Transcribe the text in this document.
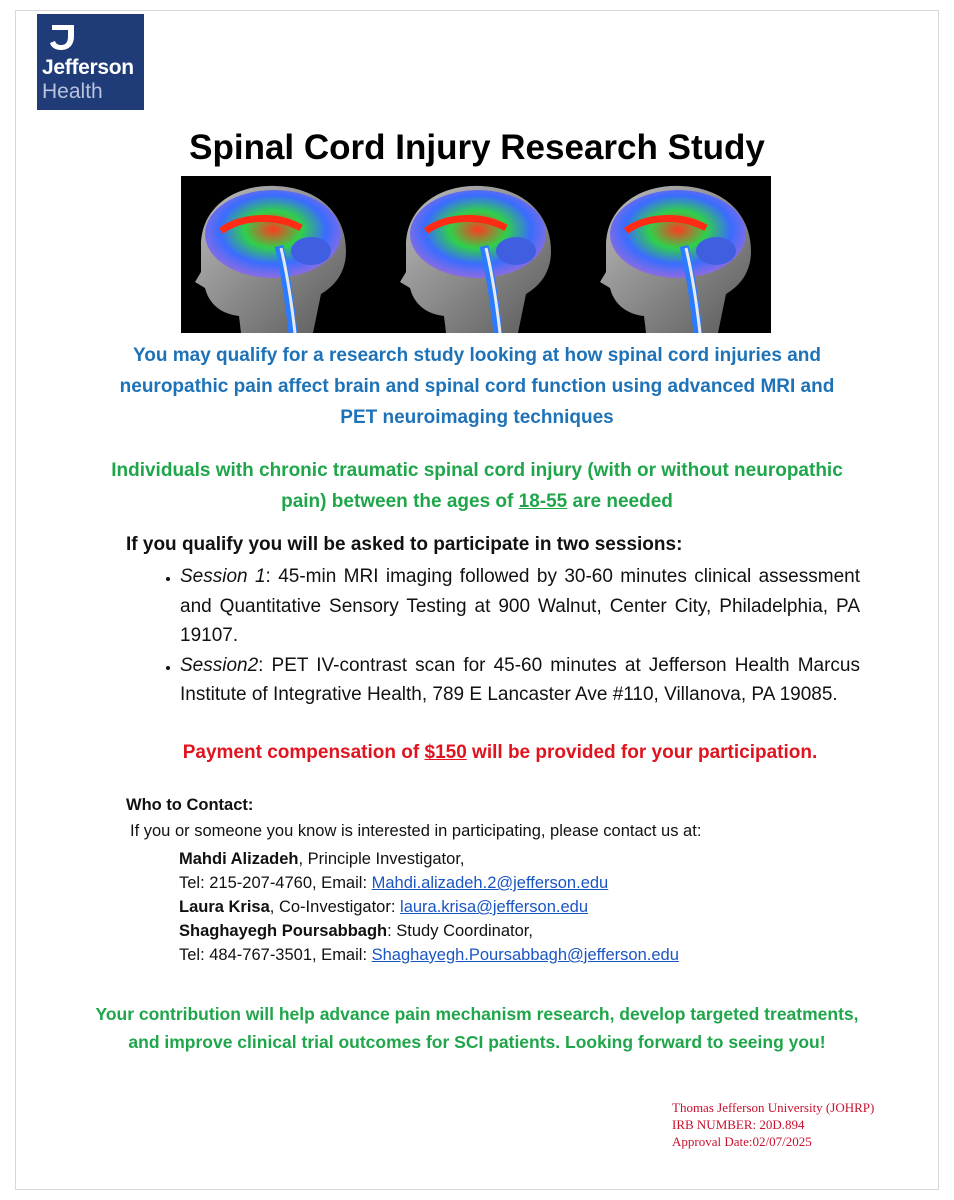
Jefferson
Health
Spinal Cord Injury Research Study

You may qualify for a research study looking at how spinal cord injuries and neuropathic pain affect brain and spinal cord function using advanced MRI and PET neuroimaging techniques

Individuals with chronic traumatic spinal cord injury (with or without neuropathic pain) between the ages of 18-55 are needed

If you qualify you will be asked to participate in two sessions:

• Session 1: 45-min MRI imaging followed by 30-60 minutes clinical assessment and Quantitative Sensory Testing at 900 Walnut, Center City, Philadelphia, PA 19107.
• Session2: PET IV-contrast scan for 45-60 minutes at Jefferson Health Marcus Institute of Integrative Health, 789 E Lancaster Ave #110, Villanova, PA 19085.

Payment compensation of $150 will be provided for your participation.

Who to Contact:

If you or someone you know is interested in participating, please contact us at:

Mahdi Alizadeh, Principle Investigator,
Tel: 215-207-4760, Email: Mahdi.alizadeh.2@jefferson.edu
Laura Krisa, Co-Investigator: laura.krisa@jefferson.edu
Shaghayegh Poursabbagh: Study Coordinator,
Tel: 484-767-3501, Email: Shaghayegh.Poursabbagh@jefferson.edu

Your contribution will help advance pain mechanism research, develop targeted treatments, and improve clinical trial outcomes for SCI patients. Looking forward to seeing you!

Thomas Jefferson University (JOHRP)
IRB NUMBER: 20D.894
Approval Date:02/07/2025
